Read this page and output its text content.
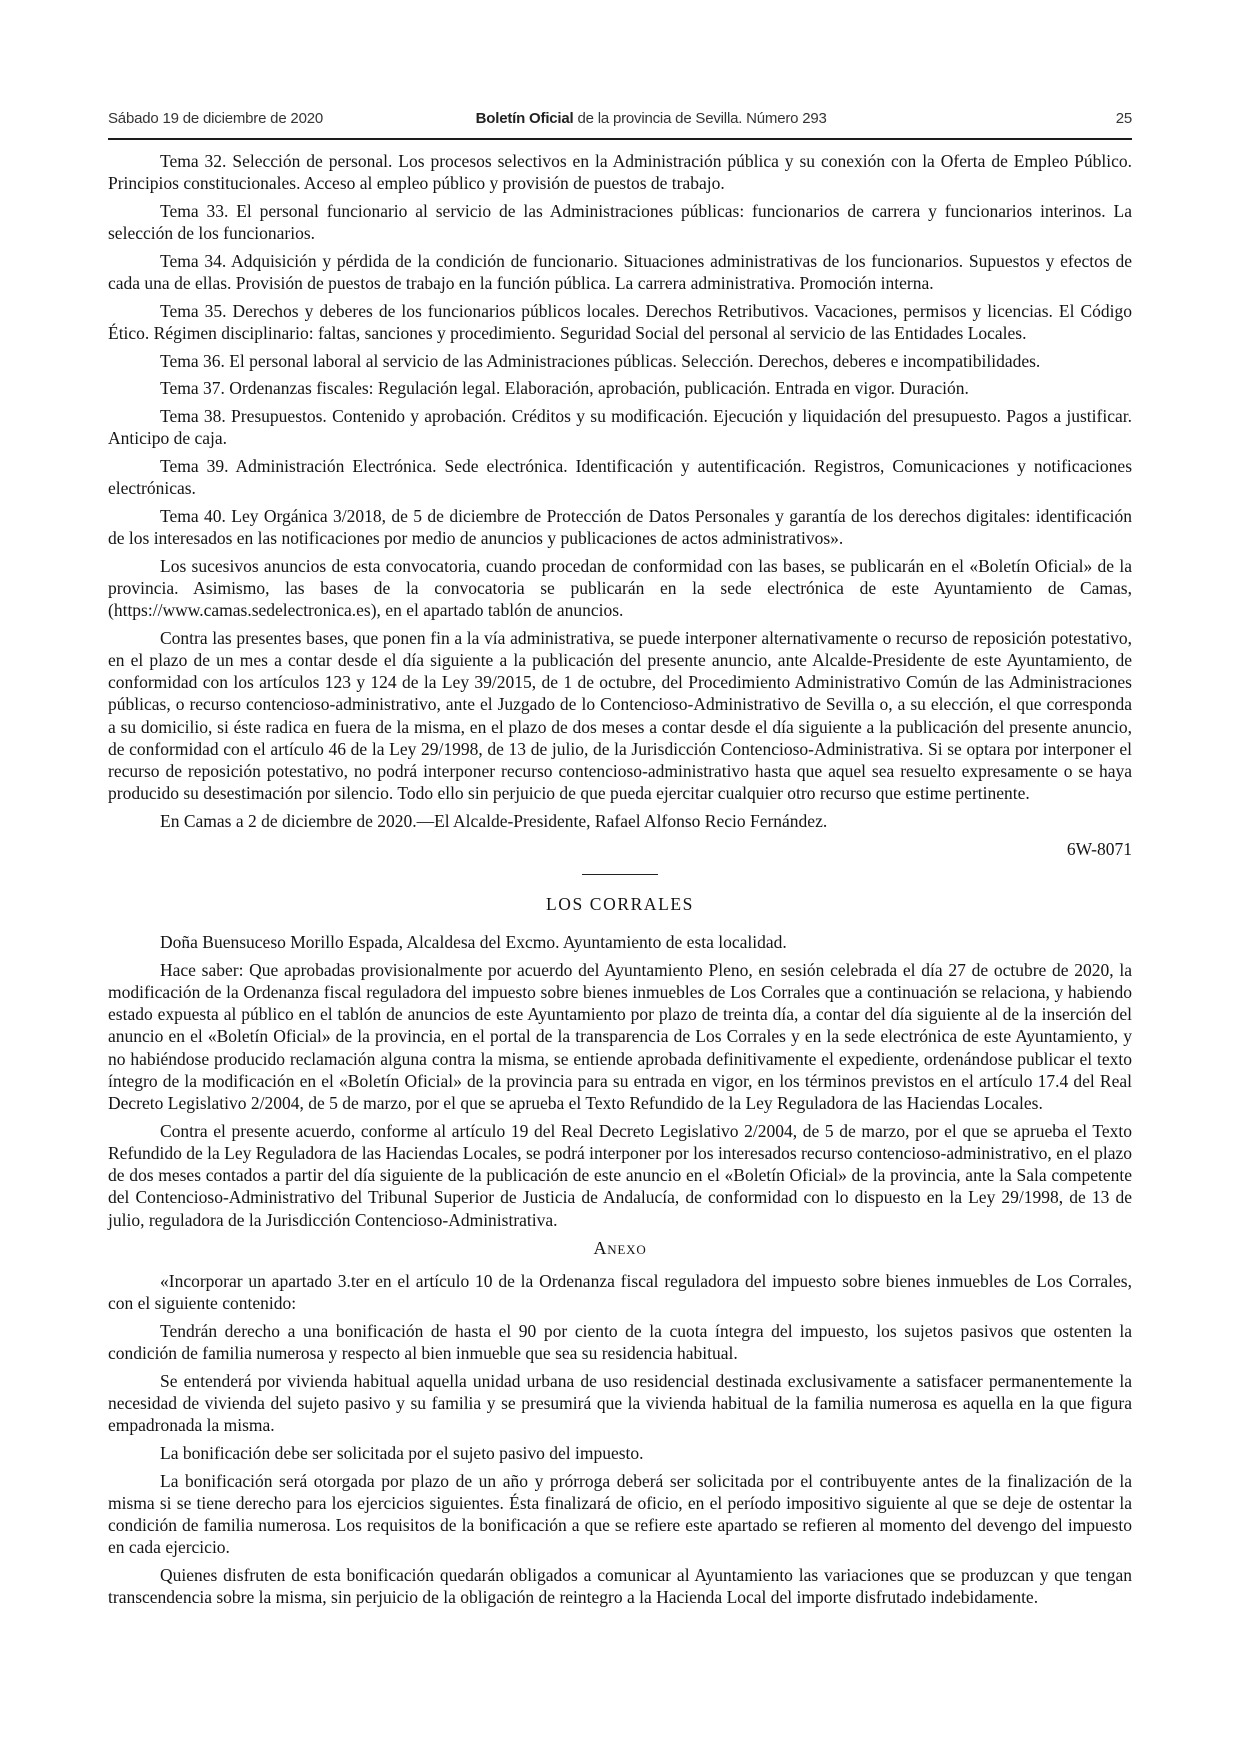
Sábado 19 de diciembre de 2020	Boletín Oficial de la provincia de Sevilla. Número 293	25

Tema 32. Selección de personal. Los procesos selectivos en la Administración pública y su conexión con la Oferta de Empleo Público. Principios constitucionales. Acceso al empleo público y provisión de puestos de trabajo.

Tema 33. El personal funcionario al servicio de las Administraciones públicas: funcionarios de carrera y funcionarios interinos. La selección de los funcionarios.

Tema 34. Adquisición y pérdida de la condición de funcionario. Situaciones administrativas de los funcionarios. Supuestos y efectos de cada una de ellas. Provisión de puestos de trabajo en la función pública. La carrera administrativa. Promoción interna.

Tema 35. Derechos y deberes de los funcionarios públicos locales. Derechos Retributivos. Vacaciones, permisos y licencias. El Código Ético. Régimen disciplinario: faltas, sanciones y procedimiento. Seguridad Social del personal al servicio de las Entidades Locales.

Tema 36. El personal laboral al servicio de las Administraciones públicas. Selección. Derechos, deberes e incompatibilidades.

Tema 37. Ordenanzas fiscales: Regulación legal. Elaboración, aprobación, publicación. Entrada en vigor. Duración.

Tema 38. Presupuestos. Contenido y aprobación. Créditos y su modificación. Ejecución y liquidación del presupuesto. Pagos a justificar. Anticipo de caja.

Tema 39. Administración Electrónica. Sede electrónica. Identificación y autentificación. Registros, Comunicaciones y notificaciones electrónicas.

Tema 40. Ley Orgánica 3/2018, de 5 de diciembre de Protección de Datos Personales y garantía de los derechos digitales: identificación de los interesados en las notificaciones por medio de anuncios y publicaciones de actos administrativos».

Los sucesivos anuncios de esta convocatoria, cuando procedan de conformidad con las bases, se publicarán en el «Boletín Oficial» de la provincia. Asimismo, las bases de la convocatoria se publicarán en la sede electrónica de este Ayuntamiento de Camas, (https://www.camas.sedelectronica.es), en el apartado tablón de anuncios.

Contra las presentes bases, que ponen fin a la vía administrativa, se puede interponer alternativamente o recurso de reposición potestativo, en el plazo de un mes a contar desde el día siguiente a la publicación del presente anuncio, ante Alcalde-Presidente de este Ayuntamiento, de conformidad con los artículos 123 y 124 de la Ley 39/2015, de 1 de octubre, del Procedimiento Administrativo Común de las Administraciones públicas, o recurso contencioso-administrativo, ante el Juzgado de lo Contencioso-Administrativo de Sevilla o, a su elección, el que corresponda a su domicilio, si éste radica en fuera de la misma, en el plazo de dos meses a contar desde el día siguiente a la publicación del presente anuncio, de conformidad con el artículo 46 de la Ley 29/1998, de 13 de julio, de la Jurisdicción Contencioso-Administrativa. Si se optara por interponer el recurso de reposición potestativo, no podrá interponer recurso contencioso-administrativo hasta que aquel sea resuelto expresamente o se haya producido su desestimación por silencio. Todo ello sin perjuicio de que pueda ejercitar cualquier otro recurso que estime pertinente.

En Camas a 2 de diciembre de 2020.—El Alcalde-Presidente, Rafael Alfonso Recio Fernández.

6W-8071

LOS CORRALES

Doña Buensuceso Morillo Espada, Alcaldesa del Excmo. Ayuntamiento de esta localidad.

Hace saber: Que aprobadas provisionalmente por acuerdo del Ayuntamiento Pleno, en sesión celebrada el día 27 de octubre de 2020, la modificación de la Ordenanza fiscal reguladora del impuesto sobre bienes inmuebles de Los Corrales que a continuación se relaciona, y habiendo estado expuesta al público en el tablón de anuncios de este Ayuntamiento por plazo de treinta día, a contar del día siguiente al de la inserción del anuncio en el «Boletín Oficial» de la provincia, en el portal de la transparencia de Los Corrales y en la sede electrónica de este Ayuntamiento, y no habiéndose producido reclamación alguna contra la misma, se entiende aprobada definitivamente el expediente, ordenándose publicar el texto íntegro de la modificación en el «Boletín Oficial» de la provincia para su entrada en vigor, en los términos previstos en el artículo 17.4 del Real Decreto Legislativo 2/2004, de 5 de marzo, por el que se aprueba el Texto Refundido de la Ley Reguladora de las Haciendas Locales.

Contra el presente acuerdo, conforme al artículo 19 del Real Decreto Legislativo 2/2004, de 5 de marzo, por el que se aprueba el Texto Refundido de la Ley Reguladora de las Haciendas Locales, se podrá interponer por los interesados recurso contencioso-administrativo, en el plazo de dos meses contados a partir del día siguiente de la publicación de este anuncio en el «Boletín Oficial» de la provincia, ante la Sala competente del Contencioso-Administrativo del Tribunal Superior de Justicia de Andalucía, de conformidad con lo dispuesto en la Ley 29/1998, de 13 de julio, reguladora de la Jurisdicción Contencioso-Administrativa.

Anexo

«Incorporar un apartado 3.ter en el artículo 10 de la Ordenanza fiscal reguladora del impuesto sobre bienes inmuebles de Los Corrales, con el siguiente contenido:

Tendrán derecho a una bonificación de hasta el 90 por ciento de la cuota íntegra del impuesto, los sujetos pasivos que ostenten la condición de familia numerosa y respecto al bien inmueble que sea su residencia habitual.

Se entenderá por vivienda habitual aquella unidad urbana de uso residencial destinada exclusivamente a satisfacer permanentemente la necesidad de vivienda del sujeto pasivo y su familia y se presumirá que la vivienda habitual de la familia numerosa es aquella en la que figura empadronada la misma.

La bonificación debe ser solicitada por el sujeto pasivo del impuesto.

La bonificación será otorgada por plazo de un año y prórroga deberá ser solicitada por el contribuyente antes de la finalización de la misma si se tiene derecho para los ejercicios siguientes. Ésta finalizará de oficio, en el período impositivo siguiente al que se deje de ostentar la condición de familia numerosa. Los requisitos de la bonificación a que se refiere este apartado se refieren al momento del devengo del impuesto en cada ejercicio.

Quienes disfruten de esta bonificación quedarán obligados a comunicar al Ayuntamiento las variaciones que se produzcan y que tengan transcendencia sobre la misma, sin perjuicio de la obligación de reintegro a la Hacienda Local del importe disfrutado indebidamente.
